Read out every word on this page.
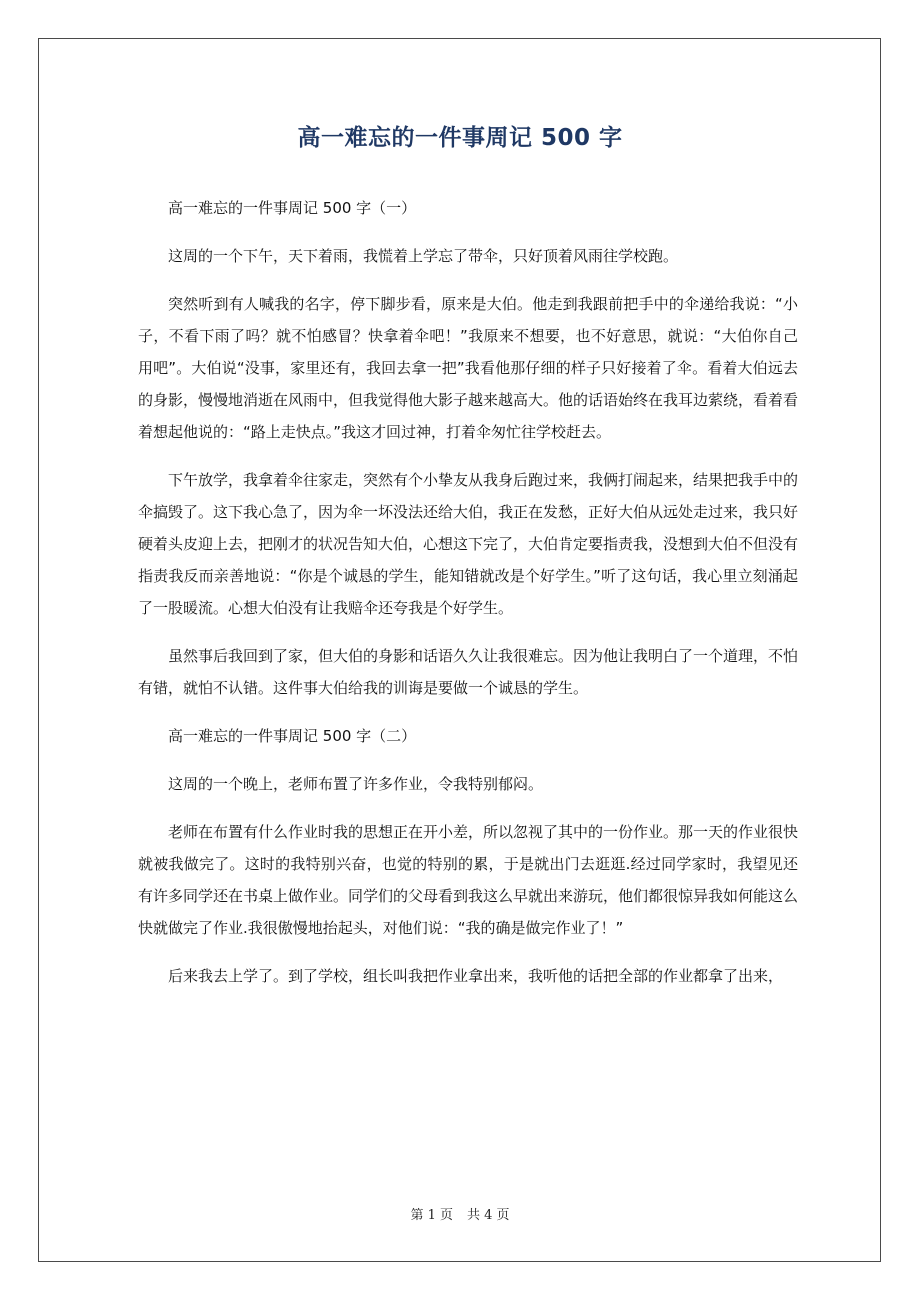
高一难忘的一件事周记 500 字

高一难忘的一件事周记 500 字（一）

这周的一个下午，天下着雨，我慌着上学忘了带伞，只好顶着风雨往学校跑。

突然听到有人喊我的名字，停下脚步看，原来是大伯。他走到我跟前把手中的伞递给我说：“小子，不看下雨了吗？就不怕感冒？快拿着伞吧！”我原来不想要，也不好意思，就说：“大伯你自己用吧”。大伯说“没事，家里还有，我回去拿一把”我看他那仔细的样子只好接着了伞。看着大伯远去的身影，慢慢地消逝在风雨中，但我觉得他大影子越来越高大。他的话语始终在我耳边萦绕，看着看着想起他说的：“路上走快点。”我这才回过神，打着伞匆忙往学校赶去。

下午放学，我拿着伞往家走，突然有个小挚友从我身后跑过来，我俩打闹起来，结果把我手中的伞搞毁了。这下我心急了，因为伞一坏没法还给大伯，我正在发愁，正好大伯从远处走过来，我只好硬着头皮迎上去，把刚才的状况告知大伯，心想这下完了，大伯肯定要指责我，没想到大伯不但没有指责我反而亲善地说：“你是个诚恳的学生，能知错就改是个好学生。”听了这句话，我心里立刻涌起了一股暖流。心想大伯没有让我赔伞还夸我是个好学生。

虽然事后我回到了家，但大伯的身影和话语久久让我很难忘。因为他让我明白了一个道理，不怕有错，就怕不认错。这件事大伯给我的训诲是要做一个诚恳的学生。

高一难忘的一件事周记 500 字（二）

这周的一个晚上，老师布置了许多作业，令我特别郁闷。

老师在布置有什么作业时我的思想正在开小差，所以忽视了其中的一份作业。那一天的作业很快就被我做完了。这时的我特别兴奋，也觉的特别的累，于是就出门去逛逛.经过同学家时，我望见还有许多同学还在书桌上做作业。同学们的父母看到我这么早就出来游玩，他们都很惊异我如何能这么快就做完了作业.我很傲慢地抬起头，对他们说：“我的确是做完作业了！”

后来我去上学了。到了学校，组长叫我把作业拿出来，我听他的话把全部的作业都拿了出来，

第 1 页 共 4 页
